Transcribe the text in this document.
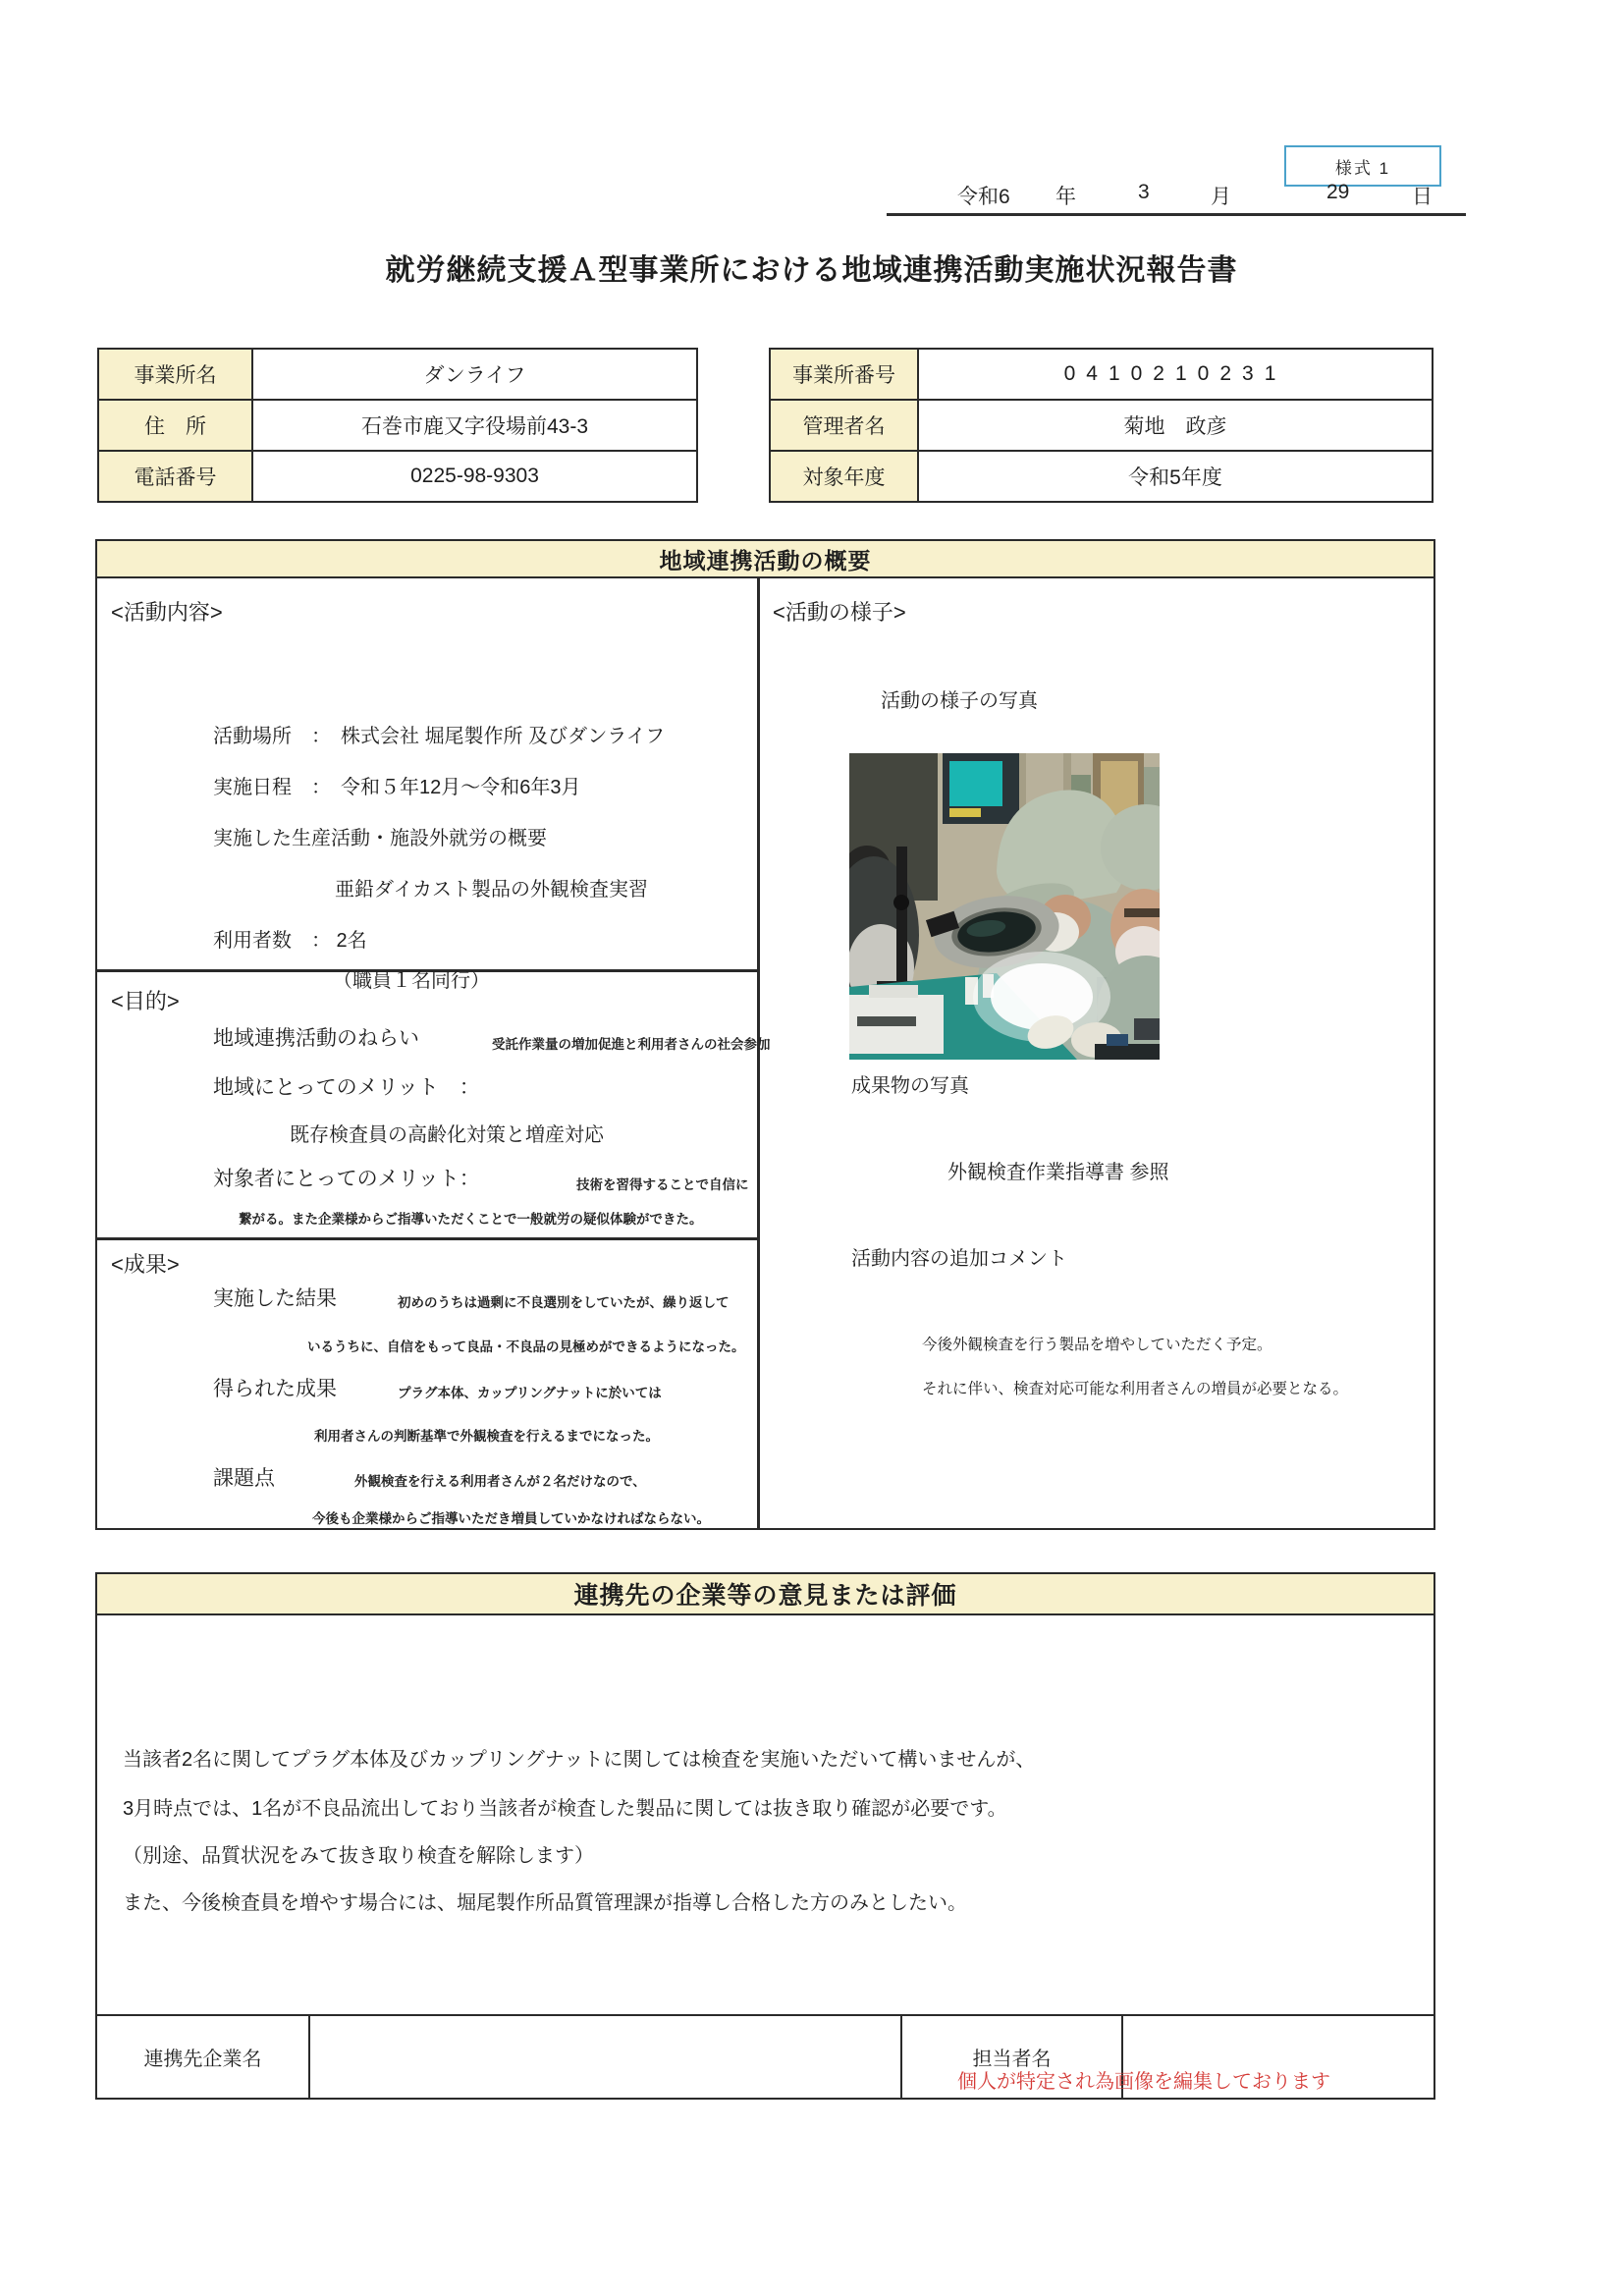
様式 1
令和6 年	3	月	29	日
就労継続支援Ａ型事業所における地域連携活動実施状況報告書
事業所名	ダンライフ
住　所	石巻市鹿又字役場前43-3
電話番号	0225-98-9303
事業所番号	0410210231
管理者名	菊地　政彦
対象年度	令和5年度
地域連携活動の概要
<活動内容>
活動場所　：　株式会社 堀尾製作所 及びダンライフ
実施日程　：　令和５年12月～令和6年3月
実施した生産活動・施設外就労の概要
亜鉛ダイカスト製品の外観検査実習
利用者数　： 2名
（職員１名同行）
<目的>
地域連携活動のねらい	受託作業量の増加促進と利用者さんの社会参加
地域にとってのメリット　：
既存検査員の高齢化対策と増産対応
対象者にとってのメリット：	技術を習得することで自信に
繋がる。また企業様からご指導いただくことで一般就労の疑似体験ができた。
<成果>
実施した結果	初めのうちは過剰に不良選別をしていたが、繰り返して
いるうちに、自信をもって良品・不良品の見極めができるようになった。
得られた成果	プラグ本体、カップリングナットに於いては
利用者さんの判断基準で外観検査を行えるまでになった。
課題点	外観検査を行える利用者さんが２名だけなので、
今後も企業様からご指導いただき増員していかなければならない。
<活動の様子>
活動の様子の写真
成果物の写真
外観検査作業指導書 参照
活動内容の追加コメント
今後外観検査を行う製品を増やしていただく予定。
それに伴い、検査対応可能な利用者さんの増員が必要となる。
連携先の企業等の意見または評価
当該者2名に関してプラグ本体及びカップリングナットに関しては検査を実施いただいて構いませんが、
3月時点では、1名が不良品流出しており当該者が検査した製品に関しては抜き取り確認が必要です。
（別途、品質状況をみて抜き取り検査を解除します）
また、今後検査員を増やす場合には、堀尾製作所品質管理課が指導し合格した方のみとしたい。
連携先企業名	担当者名
個人が特定され為画像を編集しております
